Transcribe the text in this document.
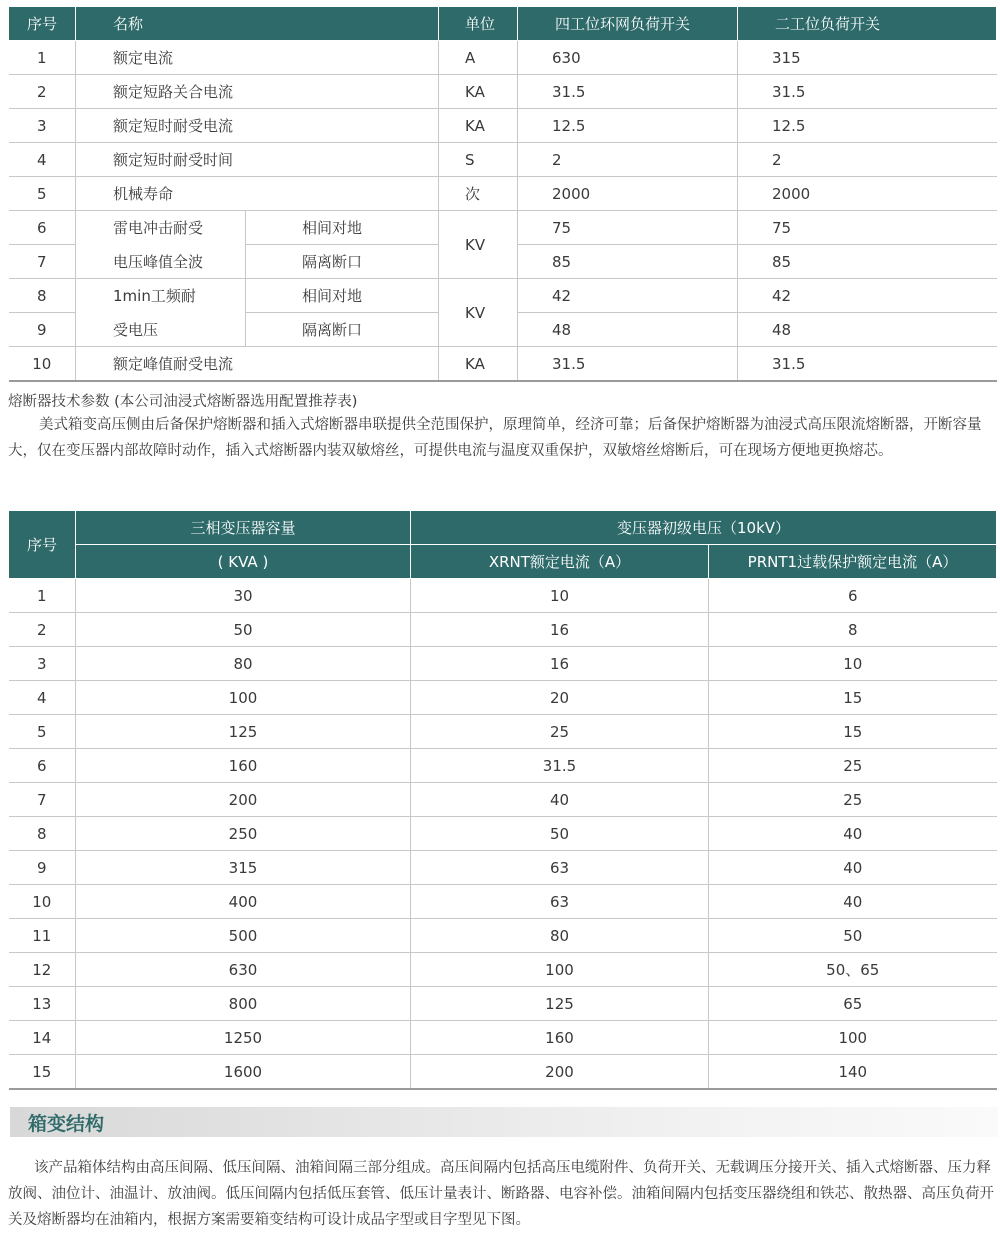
序号	名称		单位	四工位环网负荷开关	二工位负荷开关
1	额定电流		A	630	315
2	额定短路关合电流		KA	31.5	31.5
3	额定短时耐受电流		KA	12.5	12.5
4	额定短时耐受时间		S	2	2
5	机械寿命		次	2000	2000
6	雷电冲击耐受	相间对地	KV	75	75
7	电压峰值全波	隔离断口		85	85
8	1min工频耐	相间对地	KV	42	42
9	受电压	隔离断口		48	48
10	额定峰值耐受电流		KA	31.5	31.5
熔断器技术参数 (本公司油浸式熔断器选用配置推荐表)
美式箱变高压侧由后备保护熔断器和插入式熔断器串联提供全范围保护，原理简单，经济可靠；后备保护熔断器为油浸式高压限流熔断器，开断容量大，仅在变压器内部故障时动作，插入式熔断器内装双敏熔丝，可提供电流与温度双重保护，双敏熔丝熔断后，可在现场方便地更换熔芯。
序号	三相变压器容量	变压器初级电压（10kV）	
	( KVA )	XRNT额定电流（A）	PRNT1过载保护额定电流（A）
1	30	10	6
2	50	16	8
3	80	16	10
4	100	20	15
5	125	25	15
6	160	31.5	25
7	200	40	25
8	250	50	40
9	315	63	40
10	400	63	40
11	500	80	50
12	630	100	50、65
13	800	125	65
14	1250	160	100
15	1600	200	140
箱变结构
该产品箱体结构由高压间隔、低压间隔、油箱间隔三部分组成。高压间隔内包括高压电缆附件、负荷开关、无载调压分接开关、插入式熔断器、压力释放阀、油位计、油温计、放油阀。低压间隔内包括低压套管、低压计量表计、断路器、电容补偿。油箱间隔内包括变压器绕组和铁芯、散热器、高压负荷开关及熔断器均在油箱内，根据方案需要箱变结构可设计成品字型或目字型见下图。
